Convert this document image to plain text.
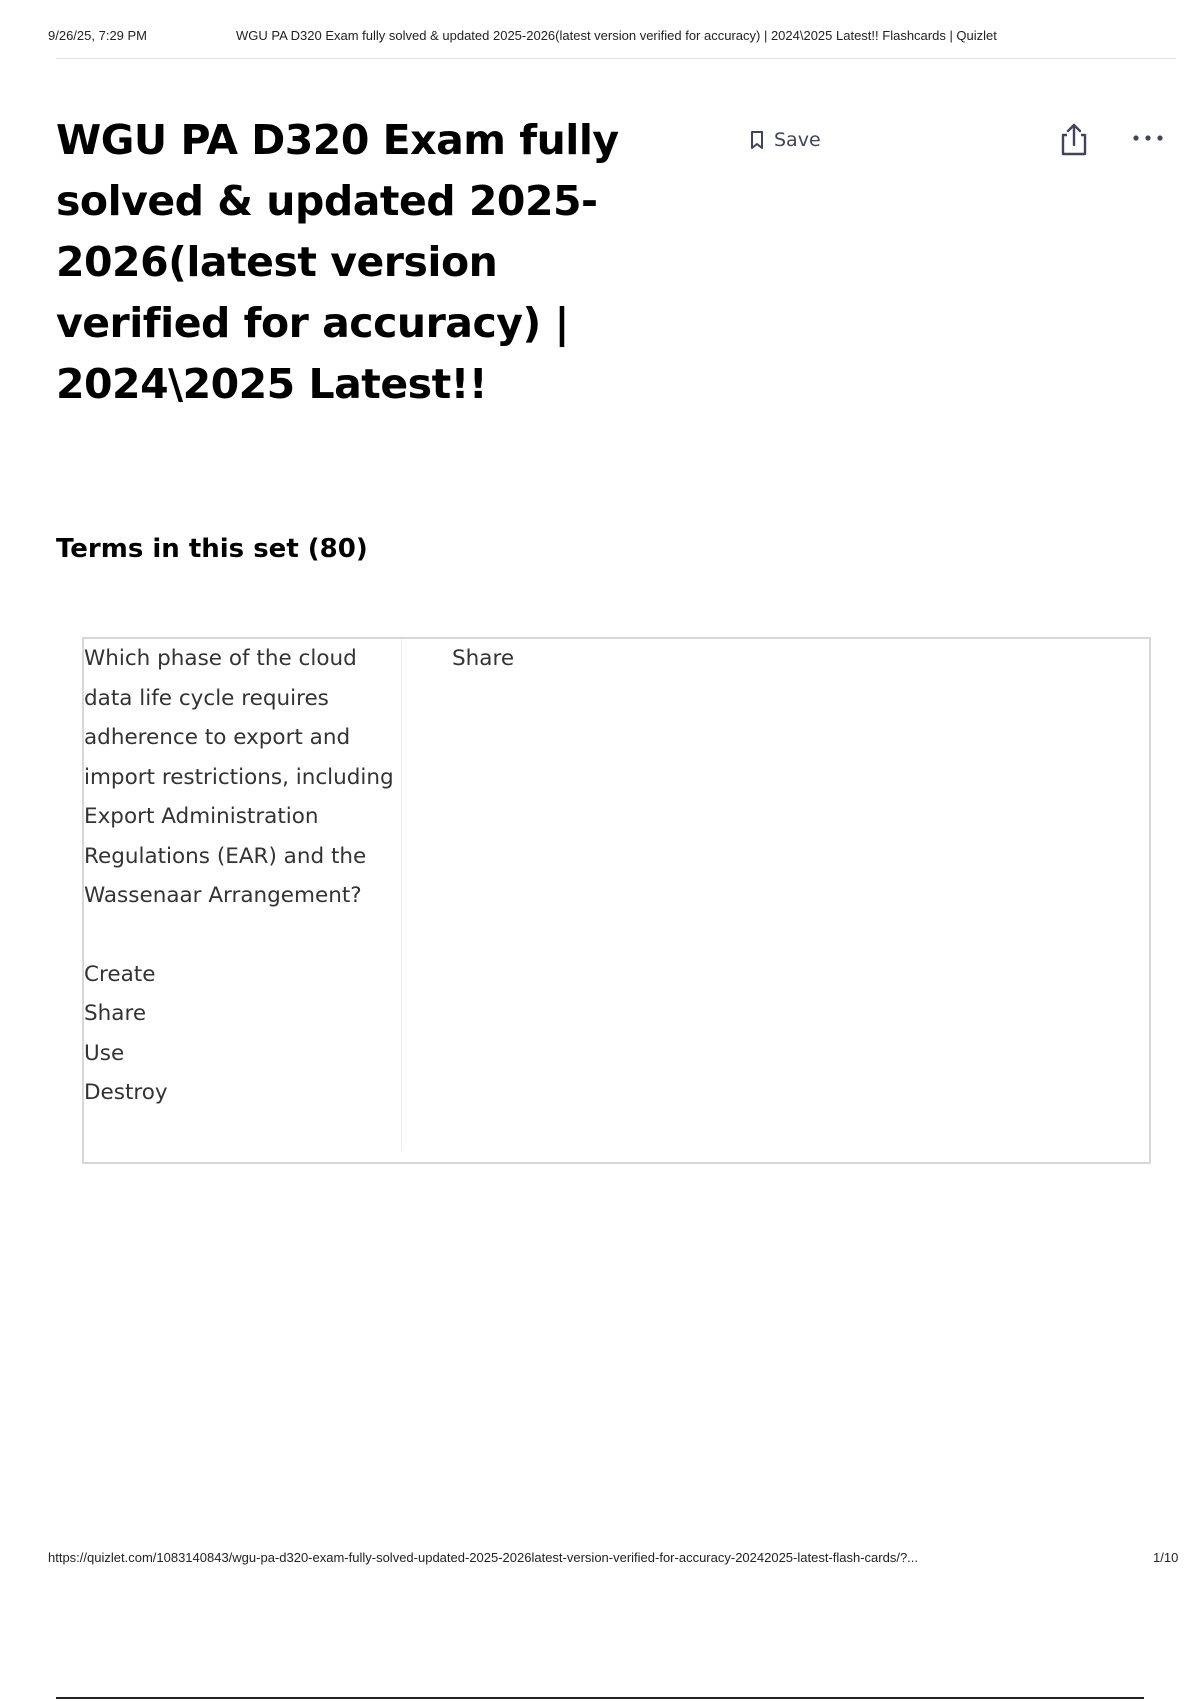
9/26/25, 7:29 PM	WGU PA D320 Exam fully solved & updated 2025-2026(latest version verified for accuracy) | 2024\2025 Latest!! Flashcards | Quizlet
WGU PA D320 Exam fully solved & updated 2025-2026(latest version verified for accuracy) | 2024\2025 Latest!!
Save
Terms in this set (80)

Which phase of the cloud data life cycle requires adherence to export and import restrictions, including Export Administration Regulations (EAR) and the Wassenaar Arrangement?

Create
Share
Use
Destroy
Share
https://quizlet.com/1083140843/wgu-pa-d320-exam-fully-solved-updated-2025-2026latest-version-verified-for-accuracy-20242025-latest-flash-cards/?...	1/10
